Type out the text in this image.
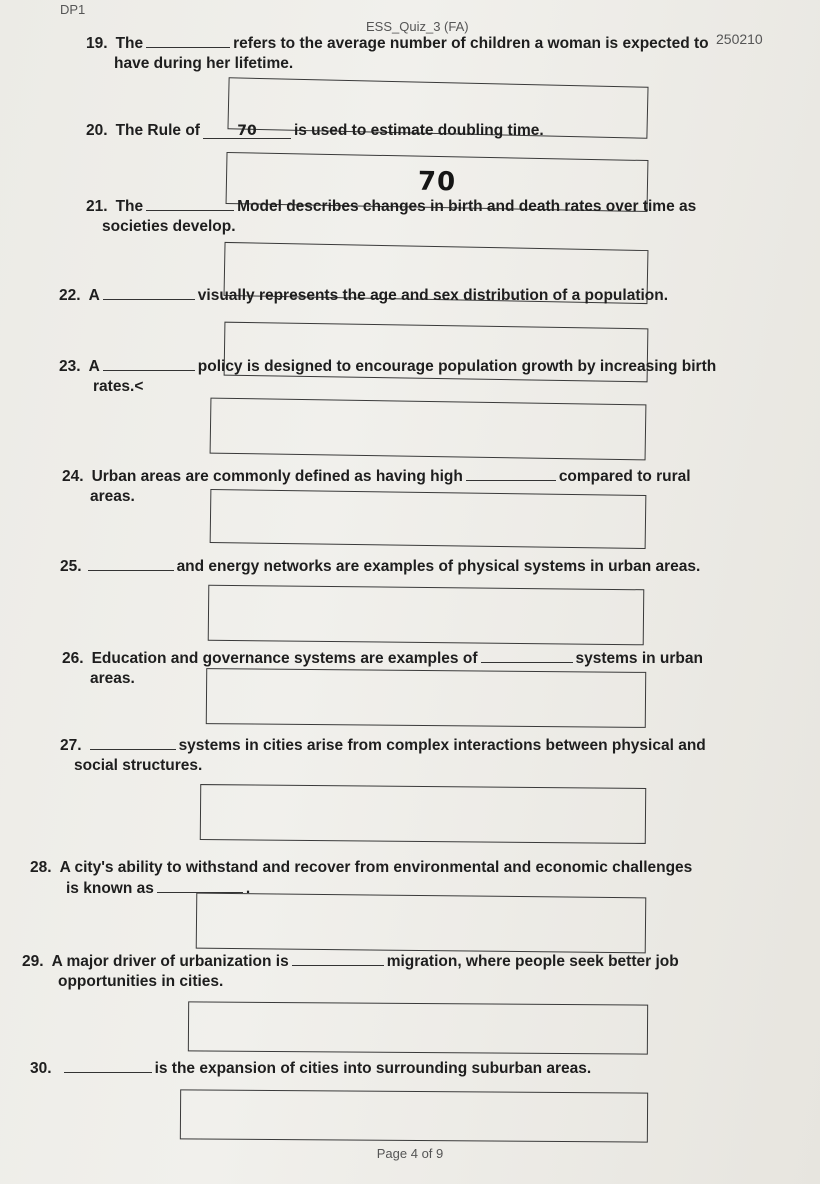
DP1
ESS_Quiz_3 (FA)
250210
19. The	refers to the average number of children a woman is expected to
have during her lifetime.
20. The Rule of	70 is used to estimate doubling time.
70
21. The	Model describes changes in birth and death rates over time as
societies develop.
22. A	visually represents the age and sex distribution of a population.
23. A	policy is designed to encourage population growth by increasing birth
rates.<
24. Urban areas are commonly defined as having high	compared to rural
areas.
25.	and energy networks are examples of physical systems in urban areas.
26. Education and governance systems are examples of	systems in urban
areas.
27.	systems in cities arise from complex interactions between physical and
social structures.
28. A city's ability to withstand and recover from environmental and economic challenges
is known as	.
29. A major driver of urbanization is	migration, where people seek better job
opportunities in cities.
30.	is the expansion of cities into surrounding suburban areas.
Page 4 of 9
